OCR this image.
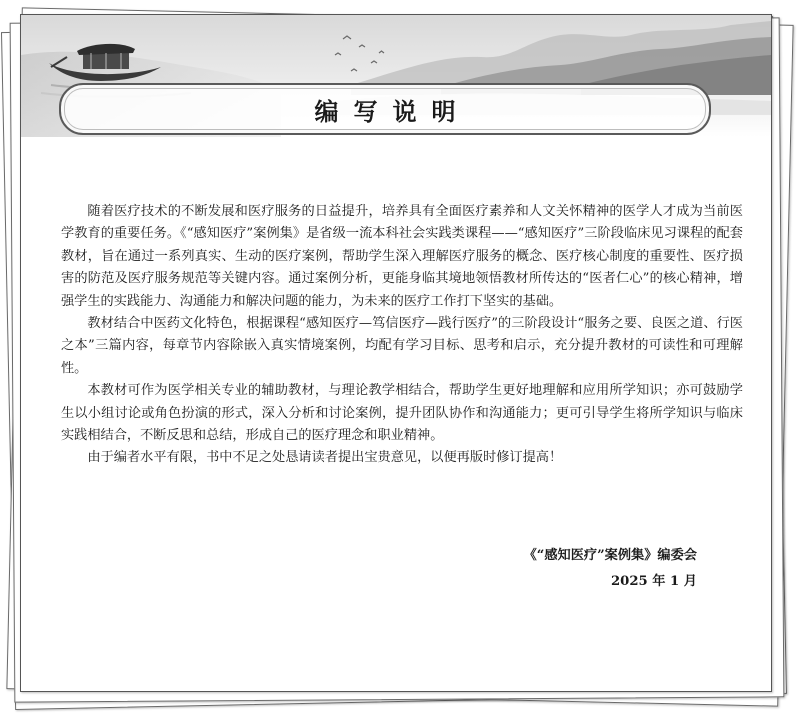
编写说明

随着医疗技术的不断发展和医疗服务的日益提升，培养具有全面医疗素养和人文关怀精神的医学人才成为当前医学教育的重要任务。《“感知医疗”案例集》是省级一流本科社会实践类课程——“感知医疗”三阶段临床见习课程的配套教材，旨在通过一系列真实、生动的医疗案例，帮助学生深入理解医疗服务的概念、医疗核心制度的重要性、医疗损害的防范及医疗服务规范等关键内容。通过案例分析，更能身临其境地领悟教材所传达的“医者仁心”的核心精神，增强学生的实践能力、沟通能力和解决问题的能力，为未来的医疗工作打下坚实的基础。

教材结合中医药文化特色，根据课程“感知医疗—笃信医疗—践行医疗”的三阶段设计“服务之要、良医之道、行医之本”三篇内容，每章节内容除嵌入真实情境案例，均配有学习目标、思考和启示，充分提升教材的可读性和可理解性。

本教材可作为医学相关专业的辅助教材，与理论教学相结合，帮助学生更好地理解和应用所学知识；亦可鼓励学生以小组讨论或角色扮演的形式，深入分析和讨论案例，提升团队协作和沟通能力；更可引导学生将所学知识与临床实践相结合，不断反思和总结，形成自己的医疗理念和职业精神。

由于编者水平有限，书中不足之处恳请读者提出宝贵意见，以便再版时修订提高！

《“感知医疗”案例集》编委会
2025 年 1 月
